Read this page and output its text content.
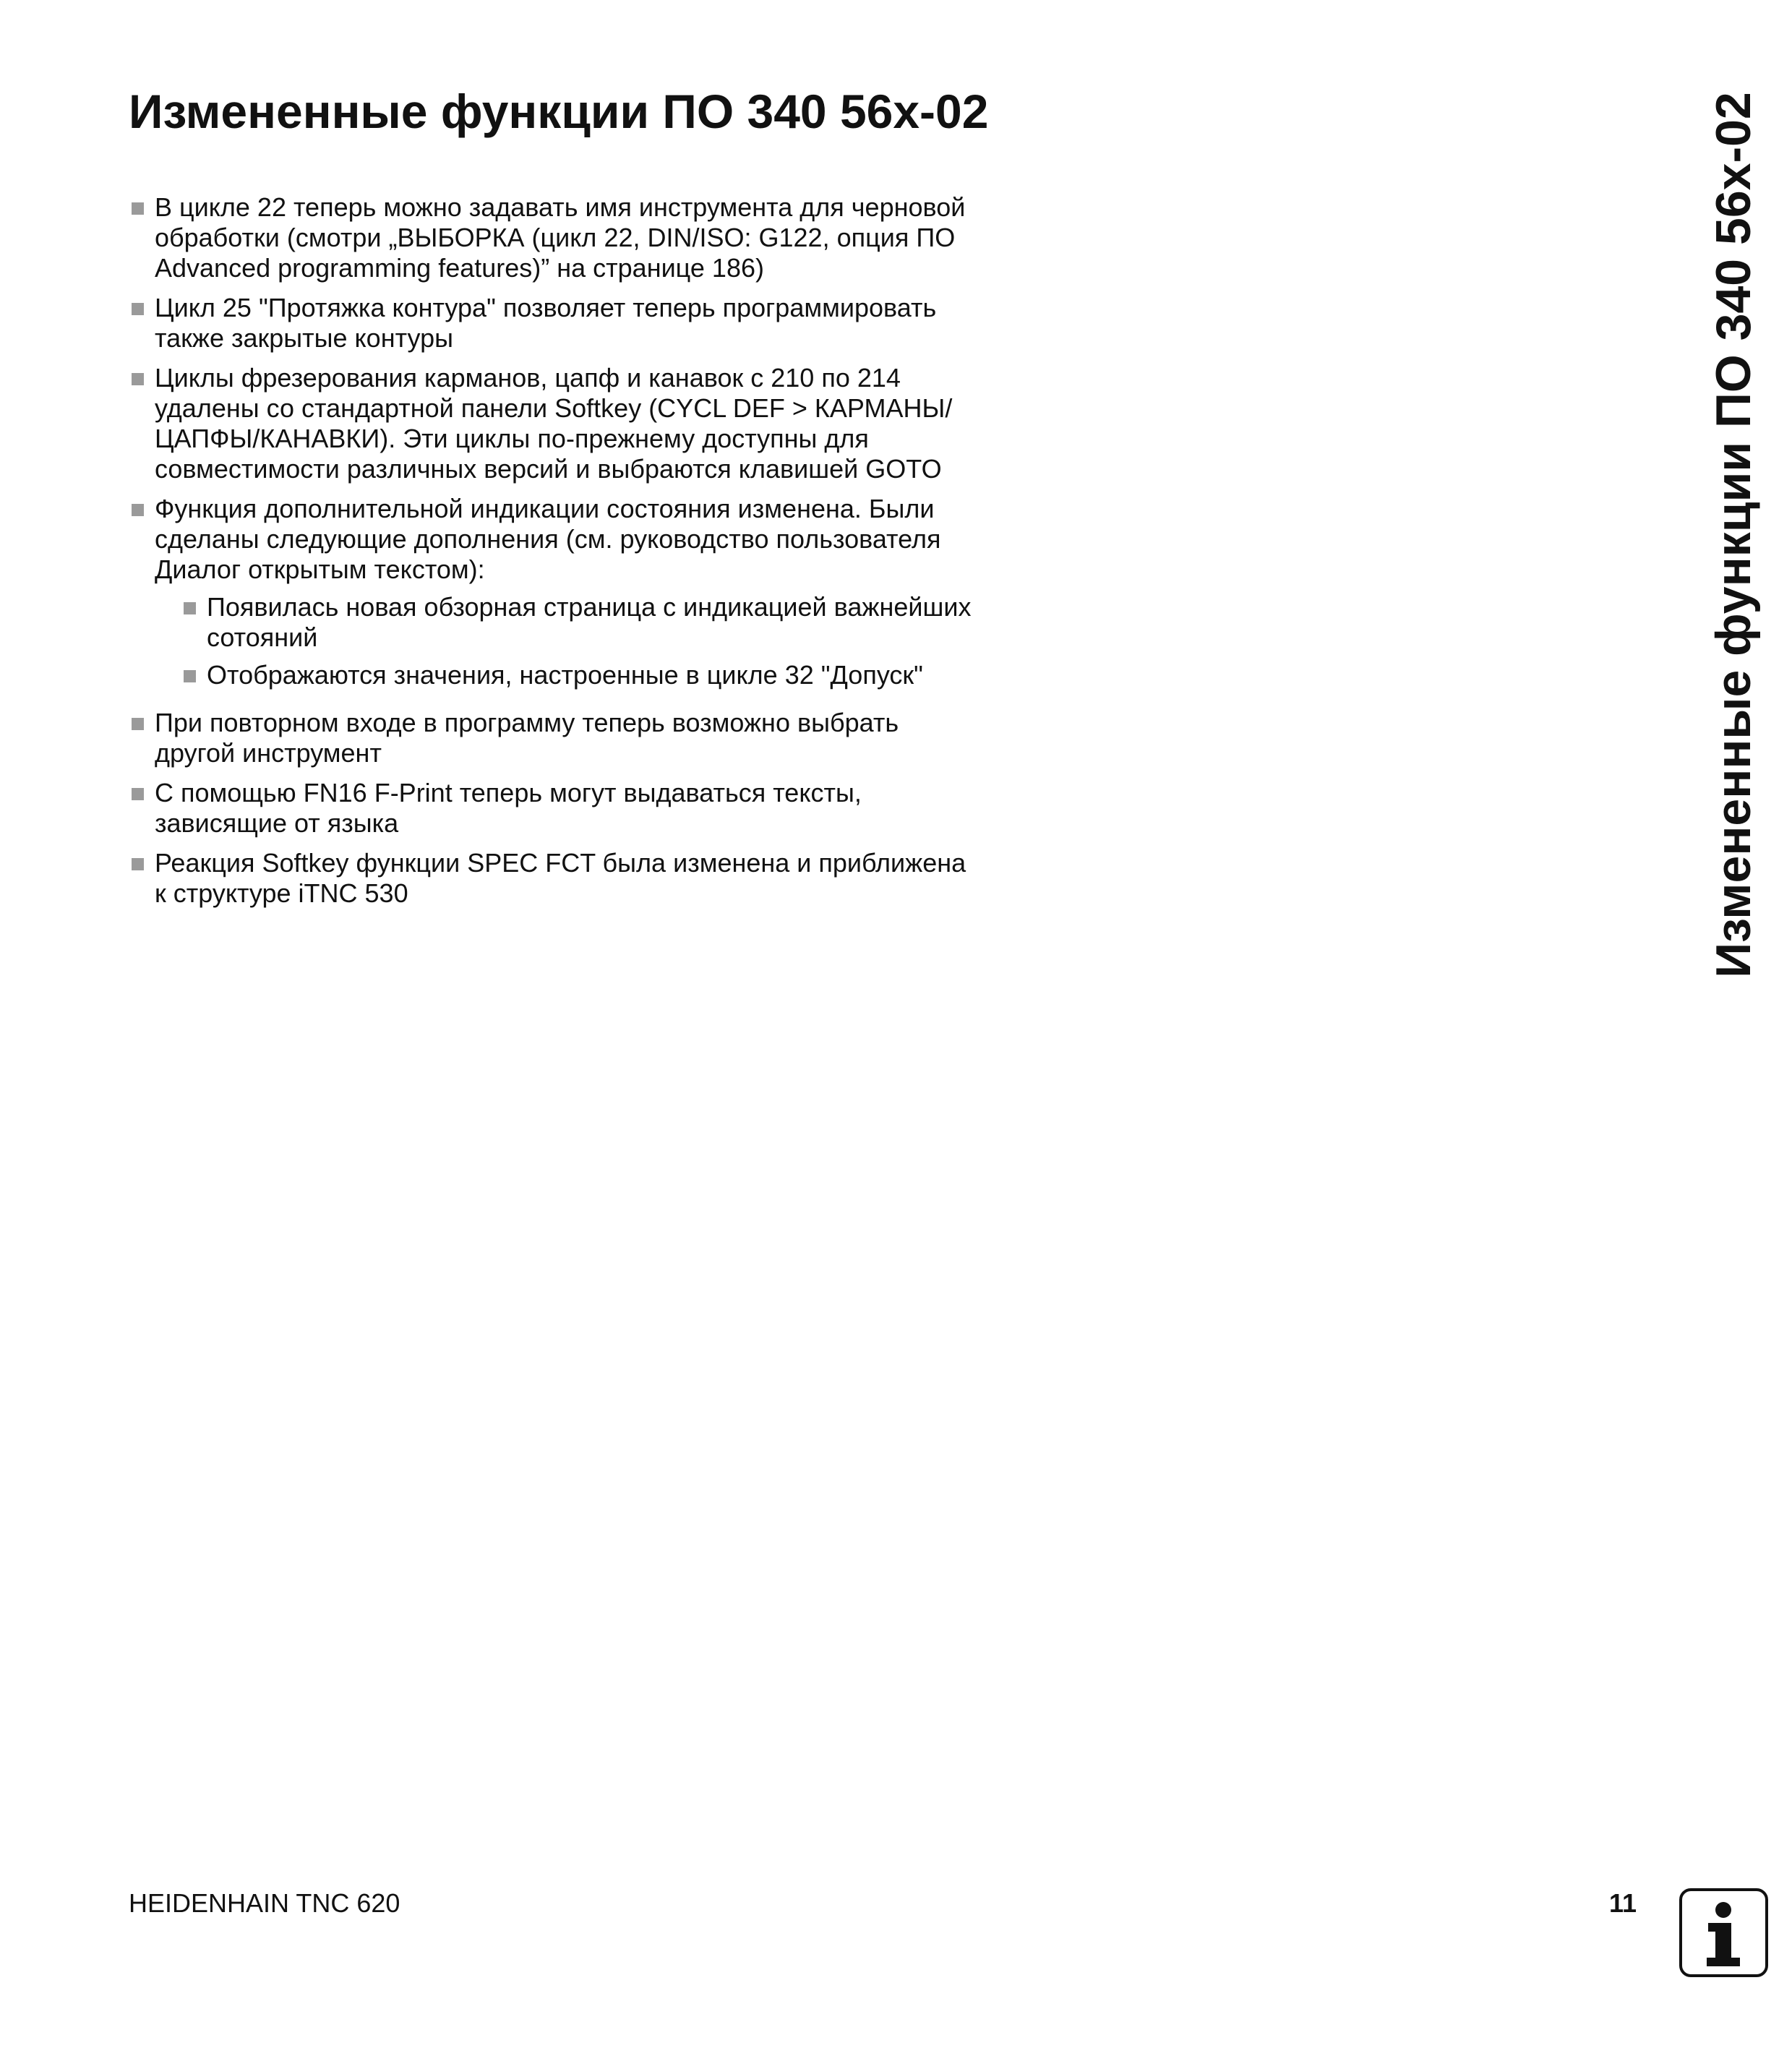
Измененные функции ПО 340 56x-02
В цикле 22 теперь можно задавать имя инструмента для черновой обработки (смотри „ВЫБОРКА (цикл 22, DIN/ISO: G122, опция ПО Advanced programming features)” на странице 186)
Цикл 25 "Протяжка контура" позволяет теперь программировать также закрытые контуры
Циклы фрезерования карманов, цапф и канавок с 210 по 214 удалены со стандартной панели Softkey (CYCL DEF > КАРМАНЫ/ЦАПФЫ/КАНАВКИ). Эти циклы по-прежнему доступны для совместимости различных версий и выбраются клавишей GOTO
Функция дополнительной индикации состояния изменена. Были сделаны следующие дополнения (см. руководство пользователя Диалог открытым текстом):
Появилась новая обзорная страница с индикацией важнейших сотояний
Отображаются значения, настроенные в цикле 32 "Допуск"
При повторном входе в программу теперь возможно выбрать другой инструмент
С помощью FN16 F-Print теперь могут выдаваться тексты, зависящие от языка
Реакция Softkey функции SPEC FCT была изменена и приближена к структуре iTNC 530	Измененные функции ПО 340 56x-02
HEIDENHAIN TNC 620	11
